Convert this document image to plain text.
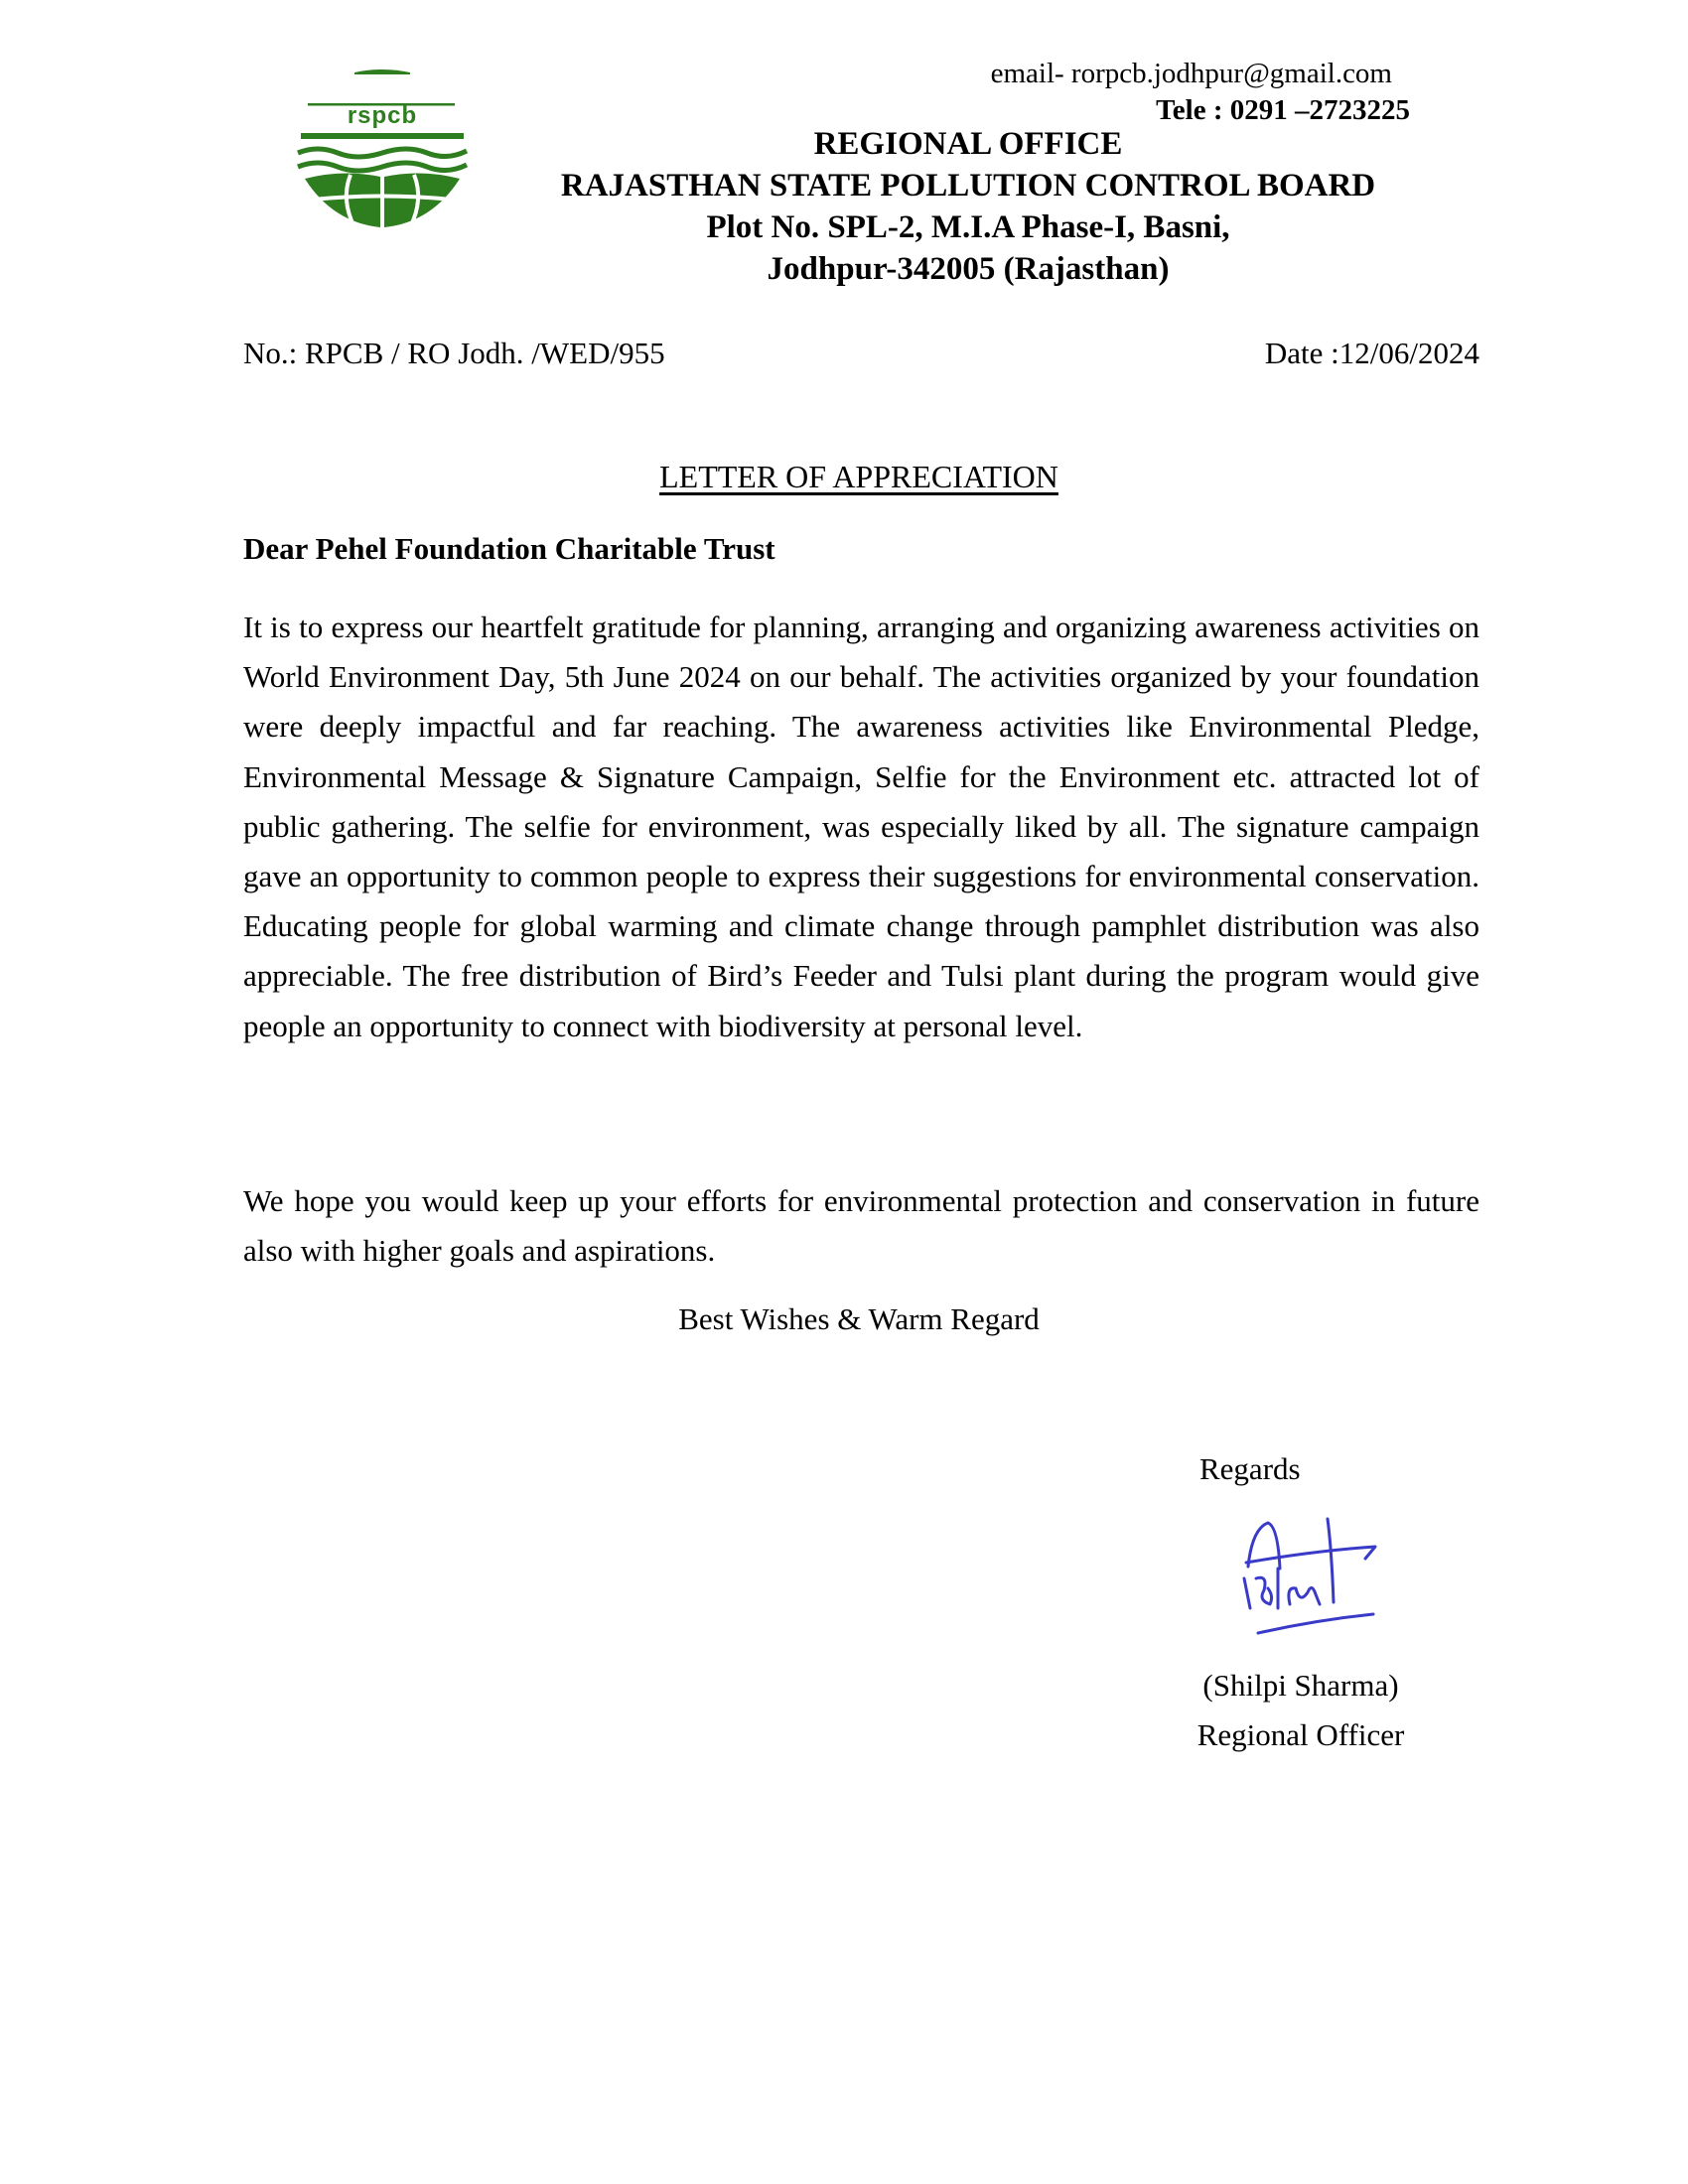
rspcb
email- rorpcb.jodhpur@gmail.com
Tele : 0291 –2723225
REGIONAL OFFICE
RAJASTHAN STATE POLLUTION CONTROL BOARD
Plot No. SPL-2, M.I.A Phase-I, Basni,
Jodhpur-342005 (Rajasthan)
No.: RPCB / RO Jodh. /WED/955	Date :12/06/2024
LETTER OF APPRECIATION
Dear Pehel Foundation Charitable Trust
It is to express our heartfelt gratitude for planning, arranging and organizing awareness activities on World Environment Day, 5th June 2024 on our behalf. The activities organized by your foundation were deeply impactful and far reaching. The awareness activities like Environmental Pledge, Environmental Message & Signature Campaign, Selfie for the Environment etc. attracted lot of public gathering. The selfie for environment, was especially liked by all. The signature campaign gave an opportunity to common people to express their suggestions for environmental conservation. Educating people for global warming and climate change through pamphlet distribution was also appreciable. The free distribution of Bird’s Feeder and Tulsi plant during the program would give people an opportunity to connect with biodiversity at personal level.
We hope you would keep up your efforts for environmental protection and conservation in future also with higher goals and aspirations.
Best Wishes & Warm Regard
Regards
(Shilpi Sharma)
Regional Officer
